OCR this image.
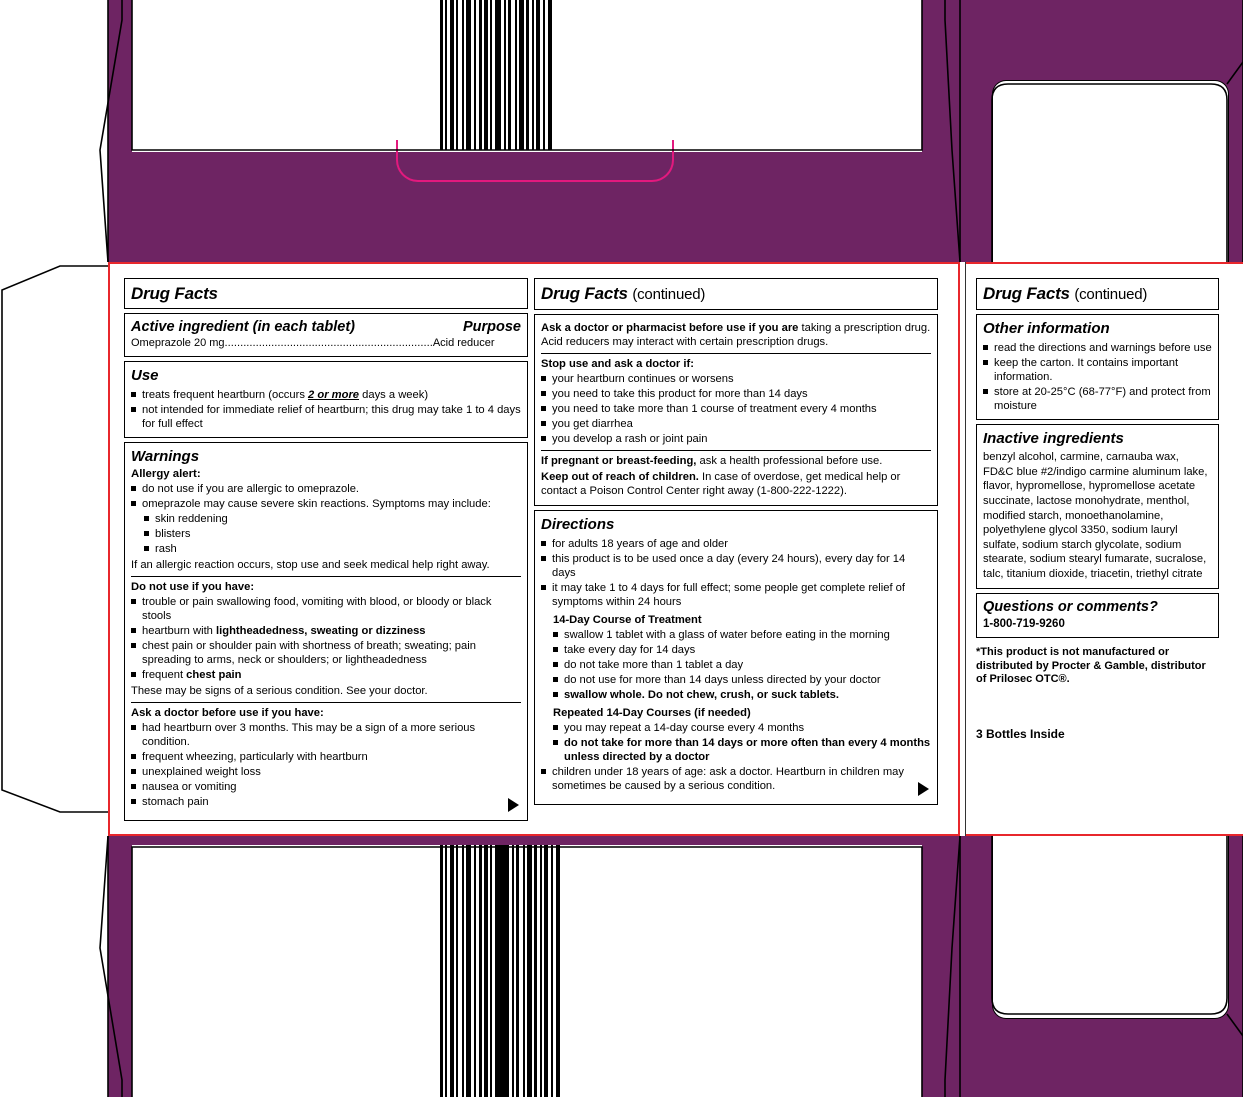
Drug Facts
Active ingredient (in each tablet)	Purpose
Omeprazole 20 mg...................................................................Acid reducer
Use
treats frequent heartburn (occurs 2 or more days a week)
not intended for immediate relief of heartburn; this drug may take 1 to 4 days for full effect
Warnings
Allergy alert:
do not use if you are allergic to omeprazole.
omeprazole may cause severe skin reactions. Symptoms may include:
skin reddening
blisters
rash

If an allergic reaction occurs, stop use and seek medical help right away.

Do not use if you have:
trouble or pain swallowing food, vomiting with blood, or bloody or black stools
heartburn with lightheadedness, sweating or dizziness
chest pain or shoulder pain with shortness of breath; sweating; pain spreading to arms, neck or shoulders; or lightheadedness
frequent chest pain

These may be signs of a serious condition. See your doctor.

Ask a doctor before use if you have:
had heartburn over 3 months. This may be a sign of a more serious condition.
frequent wheezing, particularly with heartburn
unexplained weight loss
nausea or vomiting
stomach pain
Drug Facts (continued)

Ask a doctor or pharmacist before use if you are taking a prescription drug. Acid reducers may interact with certain prescription drugs.

Stop use and ask a doctor if:
your heartburn continues or worsens
you need to take this product for more than 14 days
you need to take more than 1 course of treatment every 4 months
you get diarrhea
you develop a rash or joint pain

If pregnant or breast-feeding, ask a health professional before use.

Keep out of reach of children. In case of overdose, get medical help or contact a Poison Control Center right away (1-800-222-1222).

Directions
for adults 18 years of age and older
this product is to be used once a day (every 24 hours), every day for 14 days
it may take 1 to 4 days for full effect; some people get complete relief of symptoms within 24 hours
14-Day Course of Treatment
swallow 1 tablet with a glass of water before eating in the morning
take every day for 14 days
do not take more than 1 tablet a day
do not use for more than 14 days unless directed by your doctor
swallow whole. Do not chew, crush, or suck tablets.
Repeated 14-Day Courses (if needed)
you may repeat a 14-day course every 4 months
do not take for more than 14 days or more often than every 4 months unless directed by a doctor
children under 18 years of age: ask a doctor. Heartburn in children may sometimes be caused by a serious condition.
Drug Facts (continued)
Other information
read the directions and warnings before use
keep the carton. It contains important information.
store at 20-25°C (68-77°F) and protect from moisture
Inactive ingredients

benzyl alcohol, carmine, carnauba wax, FD&C blue #2/indigo carmine aluminum lake, flavor, hypromellose, hypromellose acetate succinate, lactose monohydrate, menthol, modified starch, monoethanolamine, polyethylene glycol 3350, sodium lauryl sulfate, sodium starch glycolate, sodium stearate, sodium stearyl fumarate, sucralose, talc, titanium dioxide, triacetin, triethyl citrate

Questions or comments?
1-800-719-9260
*This product is not manufactured or distributed by Procter & Gamble, distributor of Prilosec OTC®.
3 Bottles Inside
